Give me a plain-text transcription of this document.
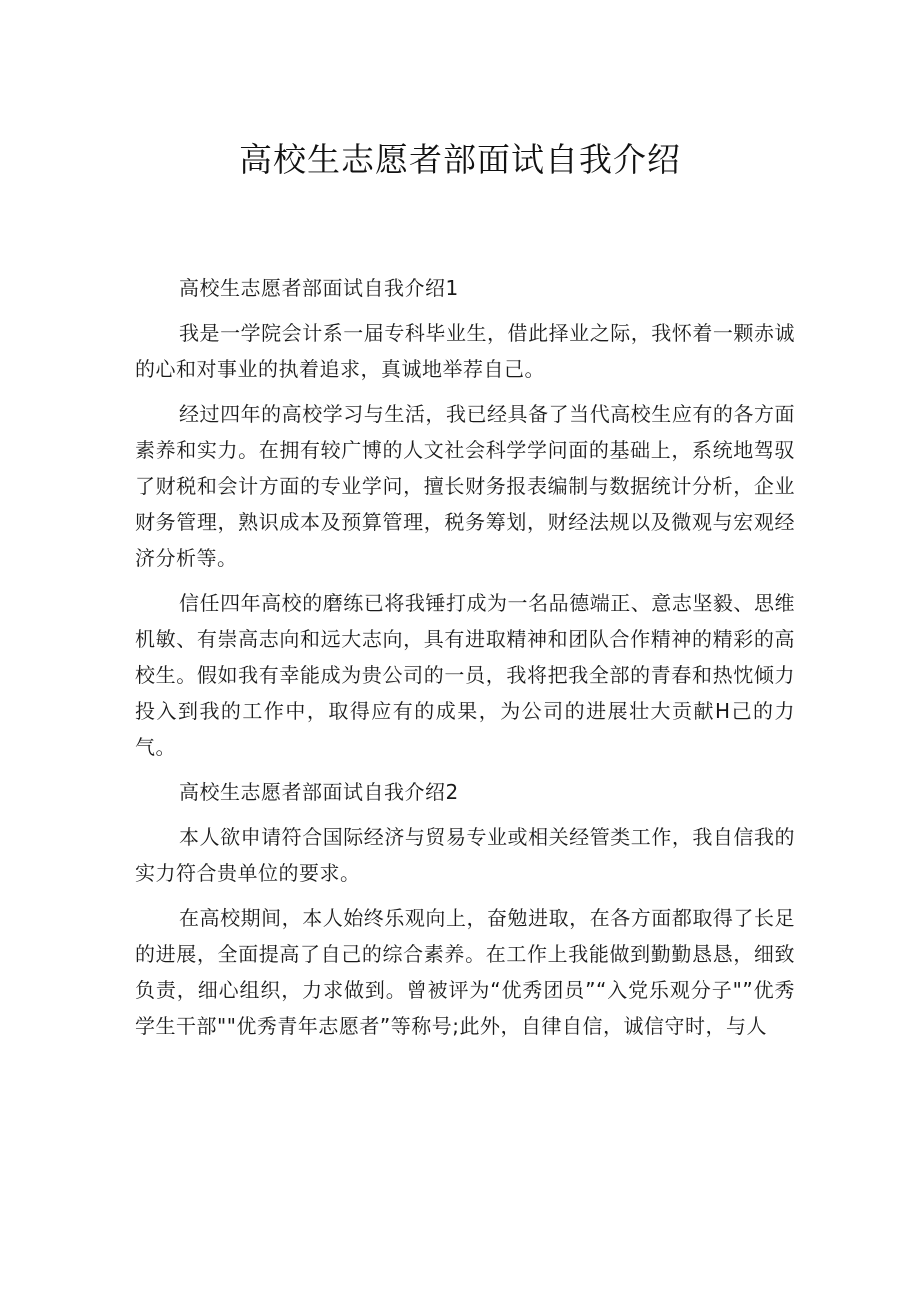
高校生志愿者部面试自我介绍
高校生志愿者部面试自我介绍1

我是一学院会计系一届专科毕业生，借此择业之际，我怀着一颗赤诚的心和对事业的执着追求，真诚地举荐自己。

经过四年的高校学习与生活，我已经具备了当代高校生应有的各方面素养和实力。在拥有较广博的人文社会科学学问面的基础上，系统地驾驭了财税和会计方面的专业学问，擅长财务报表编制与数据统计分析，企业财务管理，熟识成本及预算管理，税务筹划，财经法规以及微观与宏观经济分析等。

信任四年高校的磨练已将我锤打成为一名品德端正、意志坚毅、思维机敏、有崇高志向和远大志向，具有进取精神和团队合作精神的精彩的高校生。假如我有幸能成为贵公司的一员，我将把我全部的青春和热忱倾力投入到我的工作中，取得应有的成果，为公司的进展壮大贡献H己的力气。

高校生志愿者部面试自我介绍2

本人欲申请符合国际经济与贸易专业或相关经管类工作，我自信我的实力符合贵单位的要求。

在高校期间，本人始终乐观向上，奋勉进取，在各方面都取得了长足的进展，全面提高了自己的综合素养。在工作上我能做到勤勤恳恳，细致负责，细心组织，力求做到。曾被评为“优秀团员”“入党乐观分子"”优秀学生干部""优秀青年志愿者”等称号;此外，自律自信，诚信守时，与人
